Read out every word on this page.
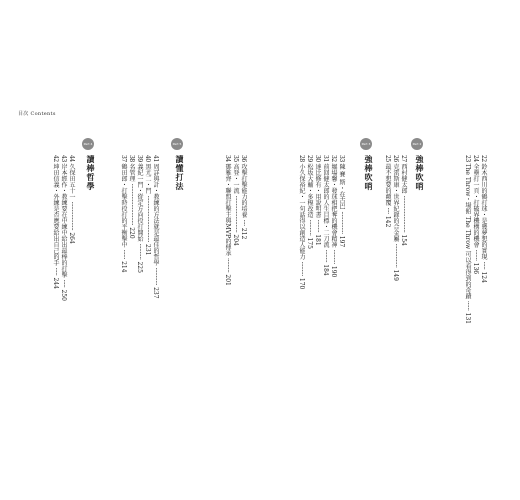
目次 Contents
Part 4
讀棒哲學
Part 5
讀懂打法
Part 2
強棒吹哨
Part 3
強棒吹哨
44 久保田五十一 ·················· 264
43 岸本經作・教練要在中練中給出最棒的打擊 ····· 250
42 坤田信義・外練是否應要給出自己的手 ····· 244
41 周詳與計・教練的方法就是最佳的哲學 ··········· 237
40 黑尤二・門 ····························· 231
39 義紀一門・從定方向投打開始 ·········· 225
38 名管理 ·························· 220
37 鶴田郎・打擊時投打的平衡擊中 ······ 214
36 攻擊打擊能力的培養 ···· 212
35 高登・一流 ······················· 204
34 鄧雅齊・聯盟打擊王與MVP的傳承 ········· 201
33 陳 賽 斯・在古巴 ·············· 197
32 堀場馨・發球相把奪的機會精神 ········· 190
31 前回健太郎的人生目標・二刀流 ········ 184
30 達比修有・用說明書 ········ 181
29 松坂大輔・多模改造 ·········· 175
28 小久保裕紀・一句話得以創造人能力 ········· 170
27 西村健太郎 ······················· 154
26 克雷斯康・世界紀錄的合金屬 ··············· 149
25 最不想要的顛覆 ···· 142
24 全壘打一頁・打破界機構的機會 ······· 136
23 The Throw・場館 The Throw 可以看得到的奇蹟 ······ 131
22 鈴木西川的鶴打球・是幾夢想的實現 ····· 124
